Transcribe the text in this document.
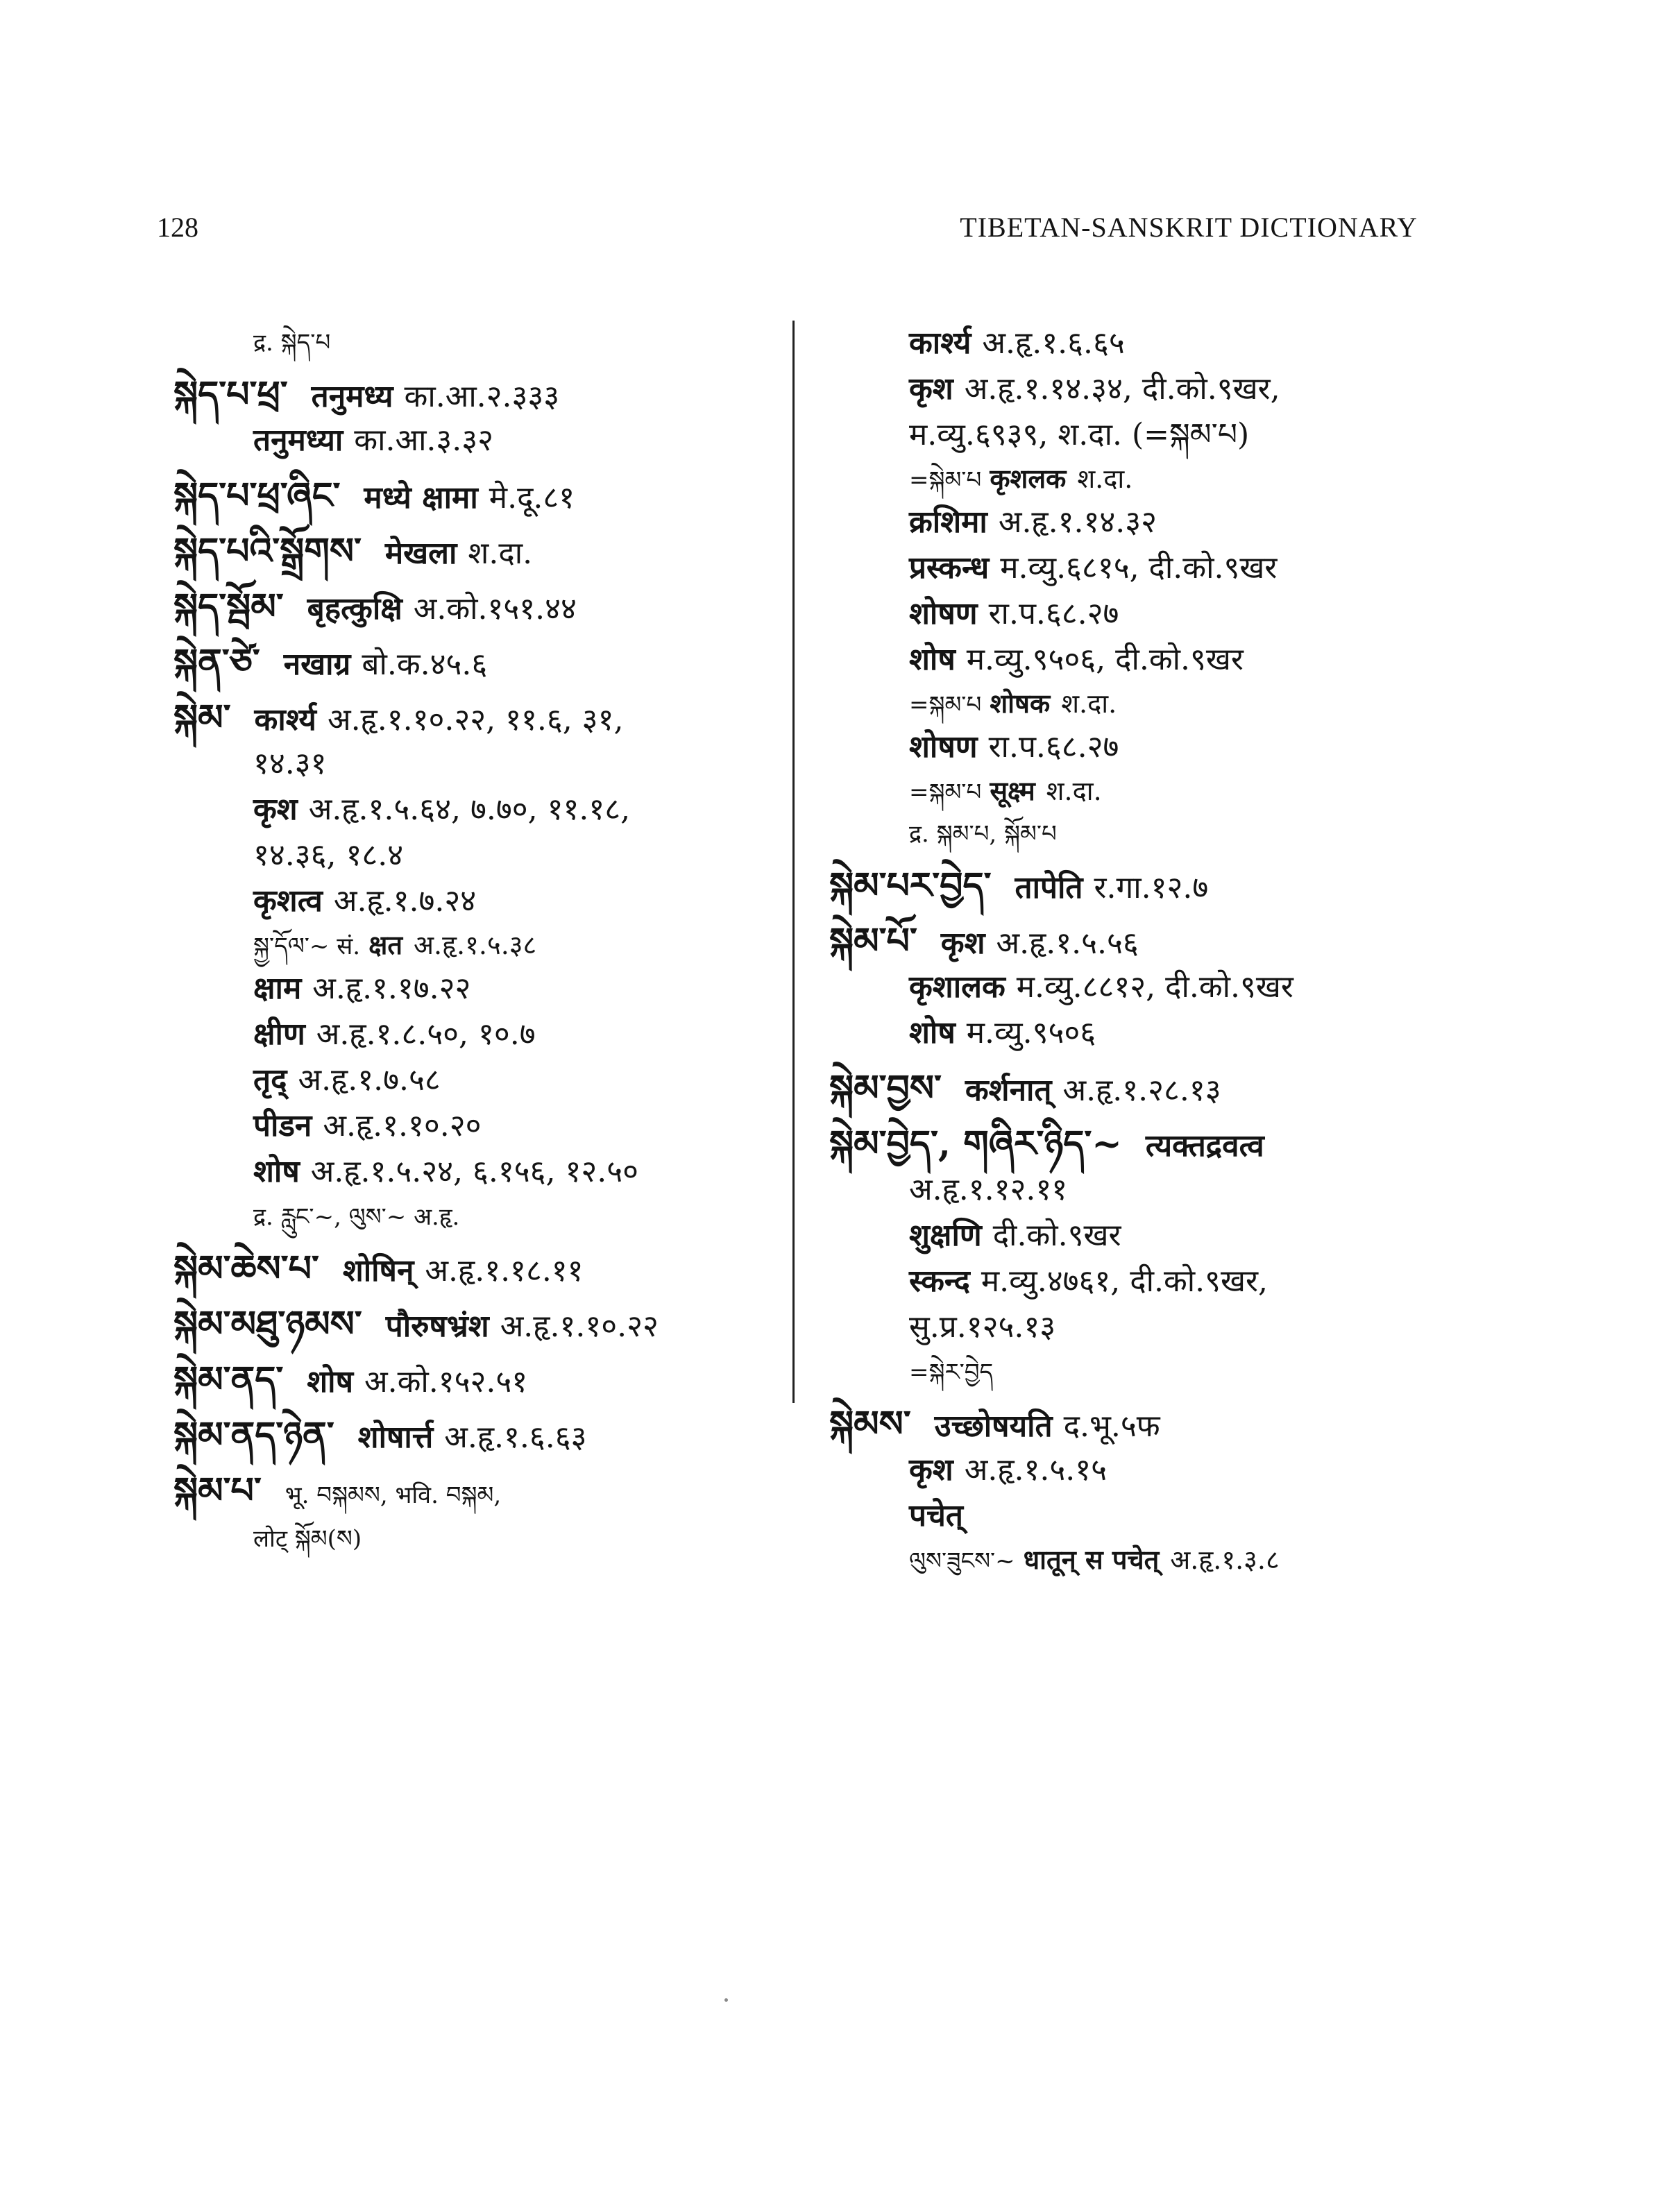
128	TIBETAN-SANSKRIT DICTIONARY
द्र. སྐེད་པ
སྐེད་པ་ཕྲ་ तनुमध्य का.आ.२.३३३
तनुमध्या का.आ.३.३२
སྐེད་པ་ཕྲ་ཞིང་ मध्ये क्षामा मे.दू.८१
སྐེད་པའི་སྒྲོགས་ मेखला श.दा.
སྐེད་སྦོམ་ बृहत्कुक्षि अ.को.१५१.४४
སྐེན་ཙེ་ नखाग्र बो.क.४५.६
སྐེམ་ कार्श्य अ.हृ.१.१०.२२, ११.६, ३१,
१४.३१
कृश अ.हृ.१.५.६४, ७.७०, ११.१८,
१४.३६, १८.४
कृशत्व अ.हृ.१.७.२४
སྐྱ་དོལ་~ सं. क्षत अ.हृ.१.५.३८
क्षाम अ.हृ.१.१७.२२
क्षीण अ.हृ.१.८.५०, १०.७
तृद् अ.हृ.१.७.५८
पीडन अ.हृ.१.१०.२०
शोष अ.हृ.१.५.२४, ६.१५६, १२.५०
द्र. རླུང་~, ལུས་~ अ.हृ.
སྐེམ་ཆེས་པ་ शोषिन् अ.हृ.१.१८.११
སྐེམ་མཐུ་ཉམས་ पौरुषभ्रंश अ.हृ.१.१०.२२
སྐེམ་ནད་ शोष अ.को.१५२.५१
སྐེམ་ནད་ཉེན་ शोषार्त्त अ.हृ.१.६.६३
སྐེམ་པ་ भू. བསྐམས, भवि. བསྐམ,
लोट् སྐོམ(ས)
कार्श्य अ.हृ.१.६.६५
कृश अ.हृ.१.१४.३४, दी.को.९खर,
म.व्यु.६९३९, श.दा. (=སྐམ་པ)
=སྐེམ་པ कृशलक श.दा.
क्रशिमा अ.हृ.१.१४.३२
प्रस्कन्ध म.व्यु.६८१५, दी.को.९खर
शोषण रा.प.६८.२७
शोष म.व्यु.९५०६, दी.को.९खर
=སྐམ་པ शोषक श.दा.
शोषण रा.प.६८.२७
=སྐམ་པ सूक्ष्म श.दा.
द्र. སྐམ་པ, སྐོམ་པ
སྐེམ་པར་བྱེད་ तापेति र.गा.१२.७
སྐེམ་པོ་ कृश अ.हृ.१.५.५६
कृशालक म.व्यु.८८१२, दी.को.९खर
शोष म.व्यु.९५०६
སྐེམ་བྱས་ कर्शनात् अ.हृ.१.२८.१३
སྐེམ་བྱེད་, གཞིར་ཉིད་~ त्यक्तद्रवत्व
अ.हृ.१.१२.११
शुक्षणि दी.को.९खर
स्कन्द म.व्यु.४७६१, दी.को.९खर,
सु.प्र.१२५.१३
=སྐེར་བྱེད
སྐེམས་ उच्छोषयति द.भू.५फ
कृश अ.हृ.१.५.१५
पचेत्
ལུས་ཟུངས་~ धातून् स पचेत् अ.हृ.१.३.८
